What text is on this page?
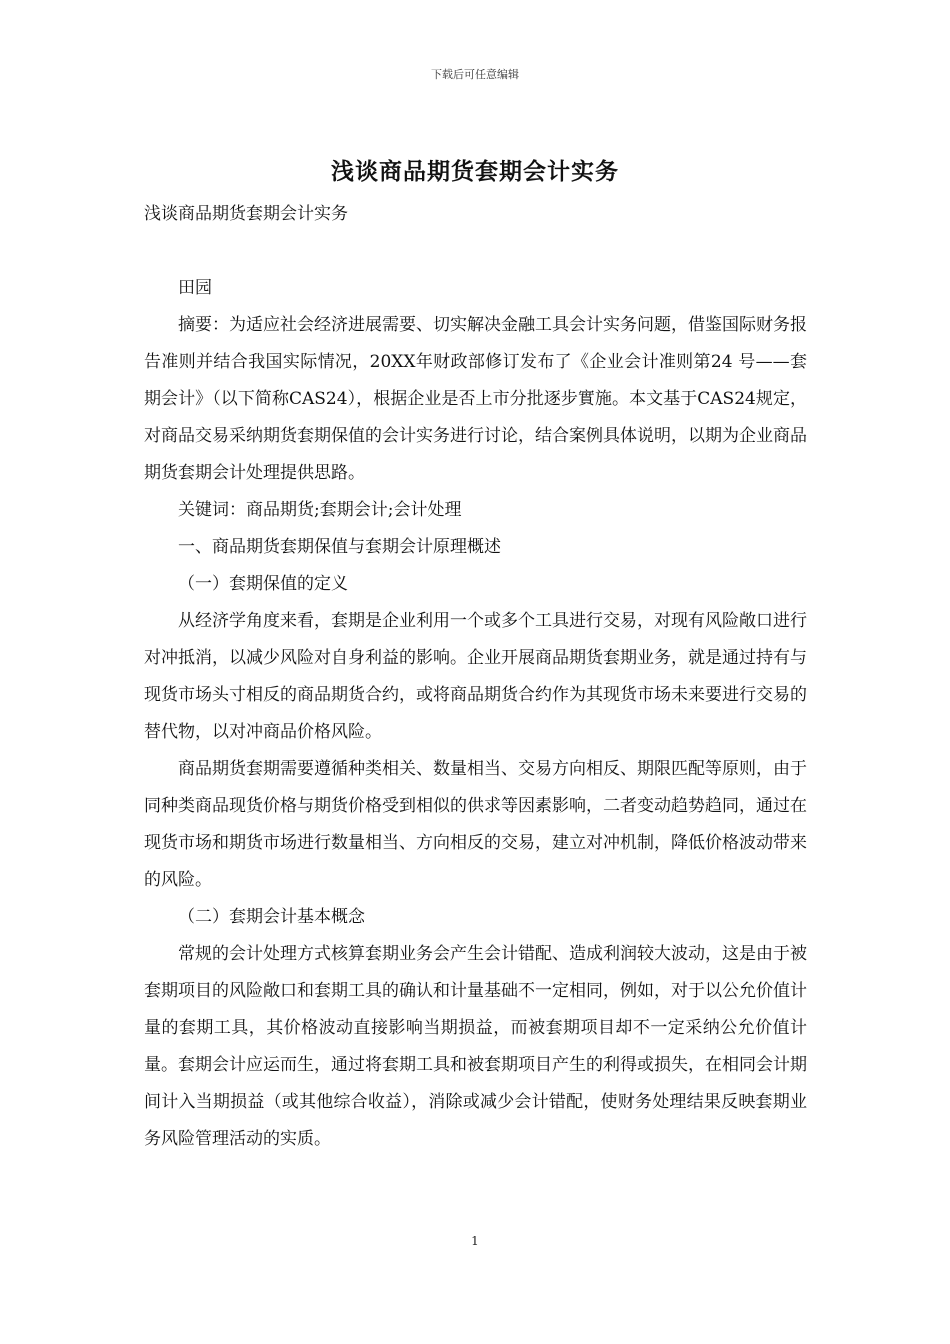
下载后可任意编辑
浅谈商品期货套期会计实务

浅谈商品期货套期会计实务

田园

摘要：为适应社会经济进展需要、切实解决金融工具会计实务问题，借鉴国际财务报告准则并结合我国实际情况，20XX年财政部修订发布了《企业会计准则第24 号——套期会计》（以下简称CAS24），根据企业是否上市分批逐步實施。本文基于CAS24规定，对商品交易采纳期货套期保值的会计实务进行讨论，结合案例具体说明，以期为企业商品期货套期会计处理提供思路。

关键词：商品期货;套期会计;会计处理

一、商品期货套期保值与套期会计原理概述

（一）套期保值的定义

从经济学角度来看，套期是企业利用一个或多个工具进行交易，对现有风险敞口进行对冲抵消，以减少风险对自身利益的影响。企业开展商品期货套期业务，就是通过持有与现货市场头寸相反的商品期货合约，或将商品期货合约作为其现货市场未来要进行交易的替代物，以对冲商品价格风险。

商品期货套期需要遵循种类相关、数量相当、交易方向相反、期限匹配等原则，由于同种类商品现货价格与期货价格受到相似的供求等因素影响，二者变动趋势趋同，通过在现货市场和期货市场进行数量相当、方向相反的交易，建立对冲机制，降低价格波动带来的风险。

（二）套期会计基本概念

常规的会计处理方式核算套期业务会产生会计错配、造成利润较大波动，这是由于被套期项目的风险敞口和套期工具的确认和计量基础不一定相同，例如，对于以公允价值计量的套期工具，其价格波动直接影响当期损益，而被套期项目却不一定采纳公允价值计量。套期会计应运而生，通过将套期工具和被套期项目产生的利得或损失，在相同会计期间计入当期损益（或其他综合收益），消除或减少会计错配，使财务处理结果反映套期业务风险管理活动的实质。

1
